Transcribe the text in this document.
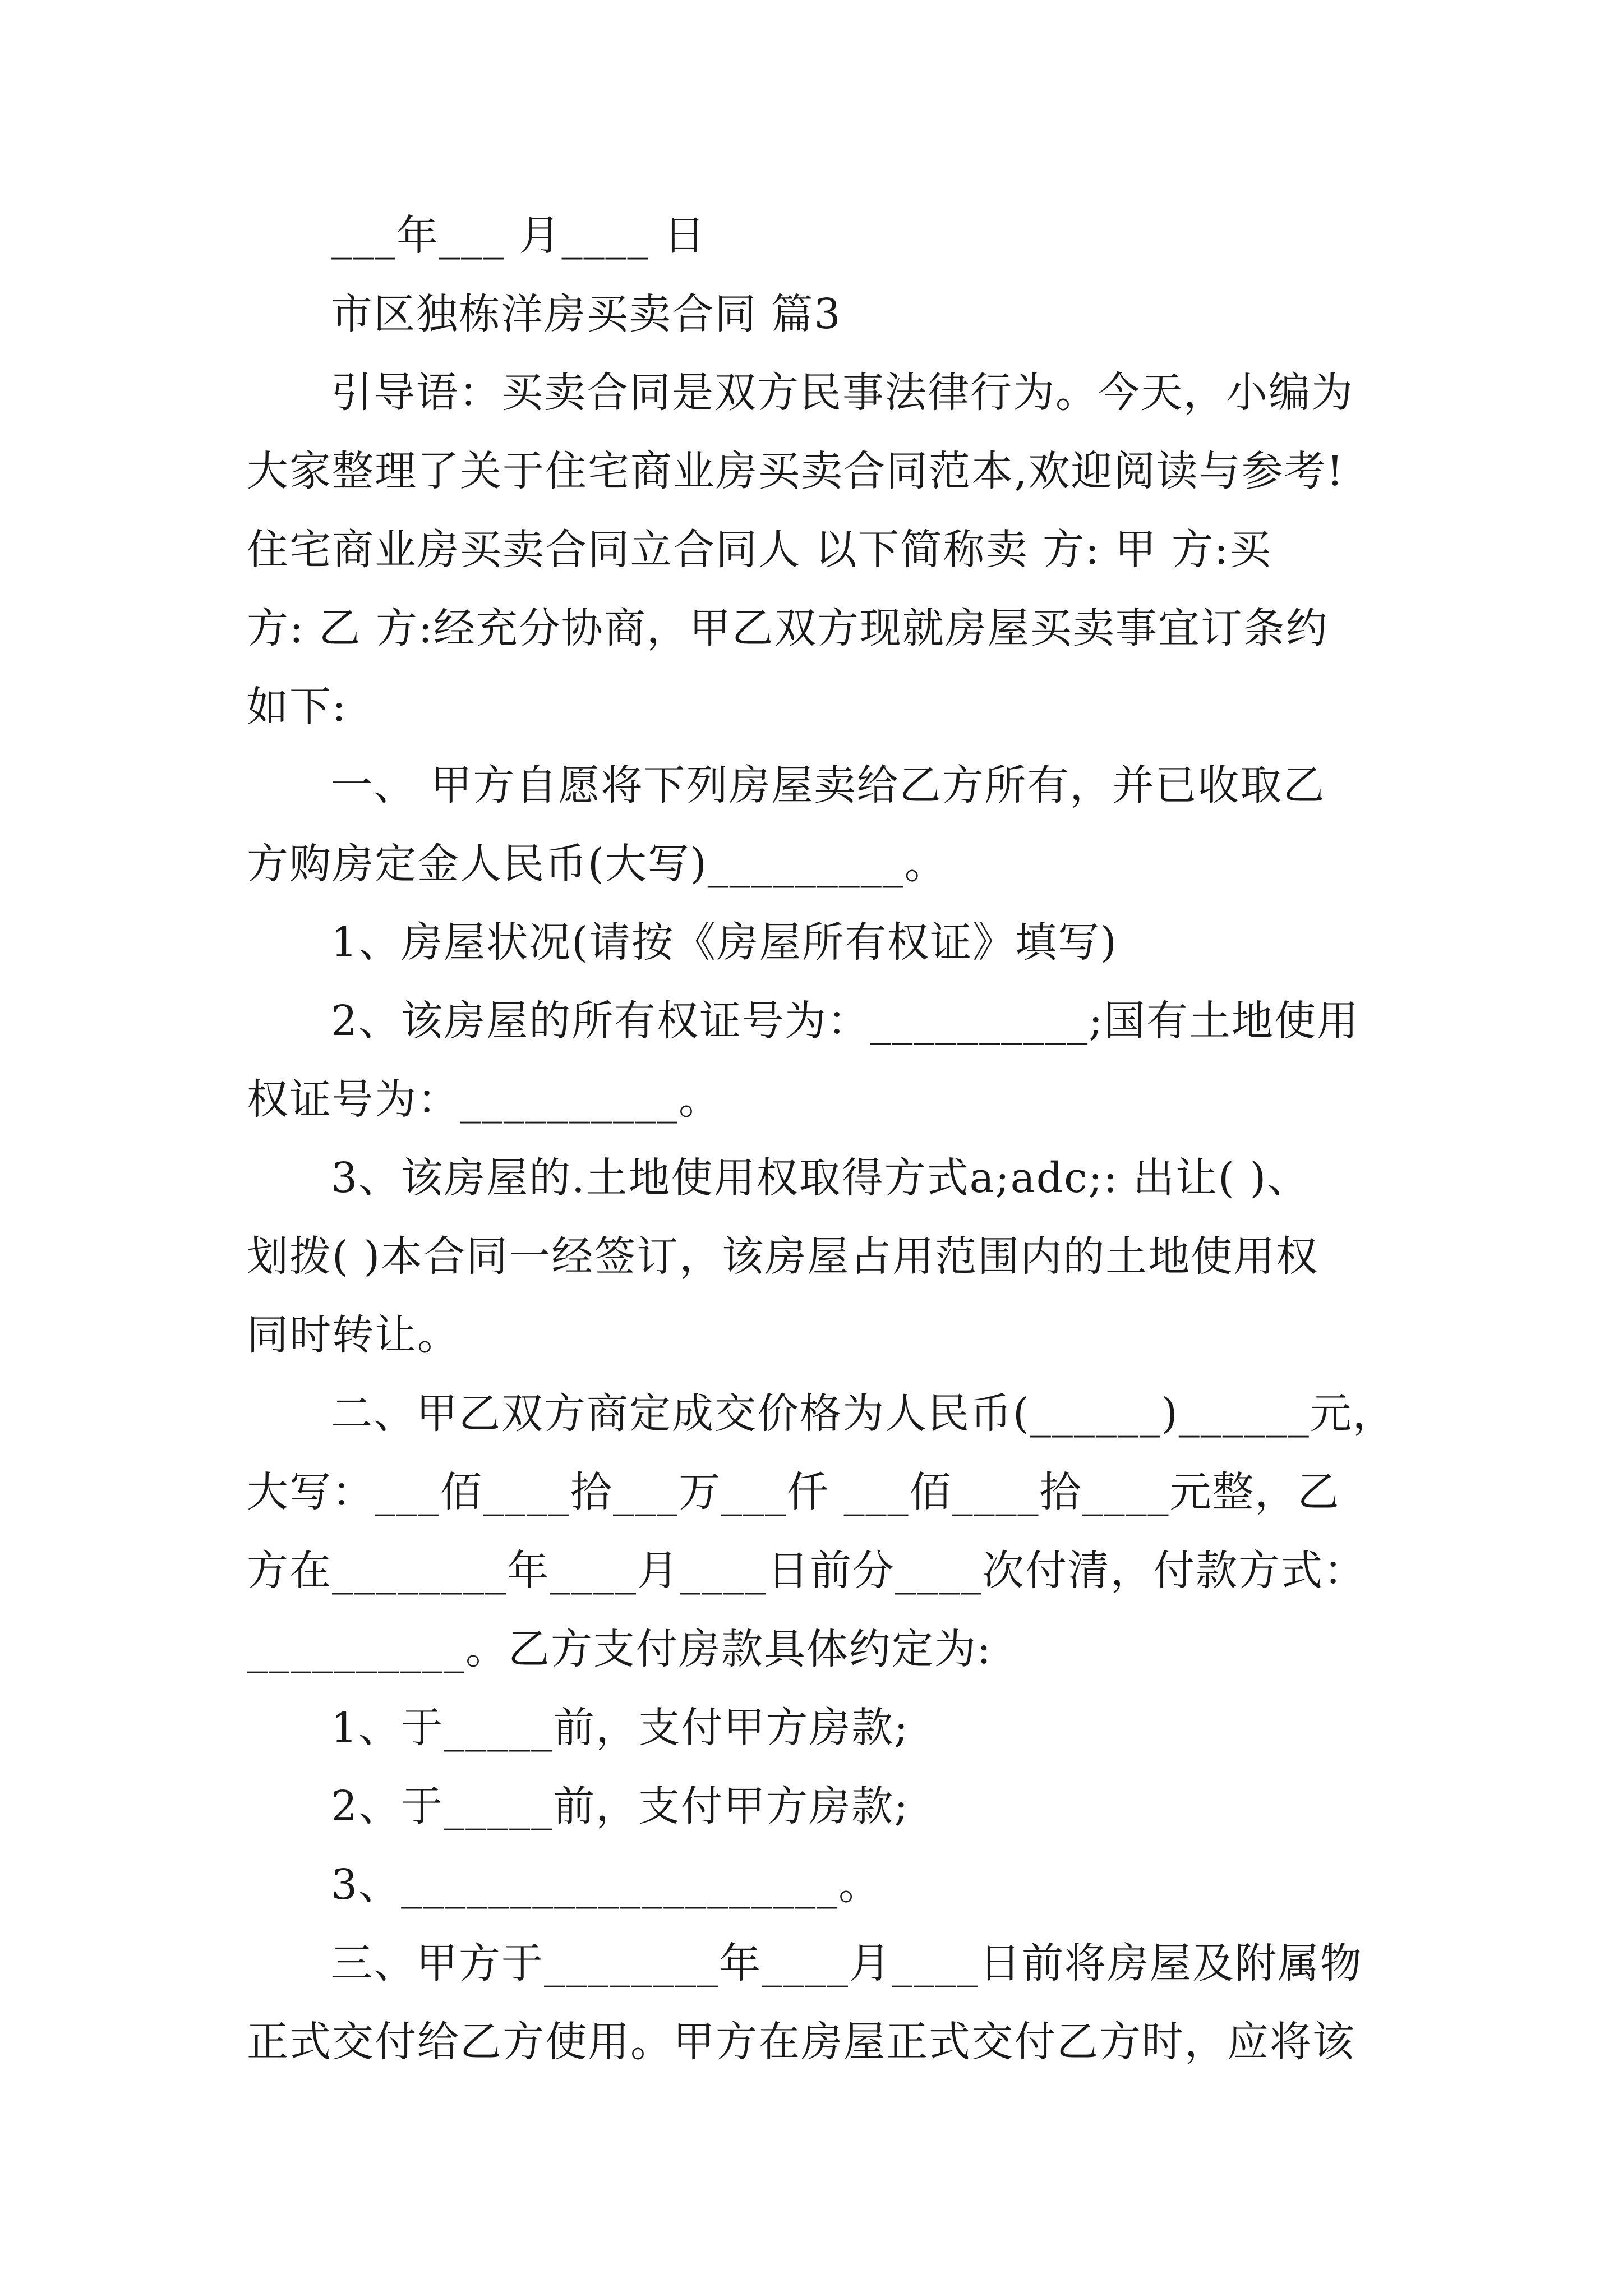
___年___ 月____ 日
市区独栋洋房买卖合同 篇3
引导语：买卖合同是双方民事法律行为。今天，小编为
大家整理了关于住宅商业房买卖合同范本,欢迎阅读与参考!
住宅商业房买卖合同立合同人 以下简称卖 方: 甲 方:买
方: 乙 方:经充分协商，甲乙双方现就房屋买卖事宜订条约
如下:
一、 甲方自愿将下列房屋卖给乙方所有，并已收取乙
方购房定金人民币(大写)_________。
1、房屋状况(请按《房屋所有权证》填写)
2、该房屋的所有权证号为：__________;国有土地使用
权证号为：__________。
3、该房屋的.土地使用权取得方式a;adc;: 出让( )、
划拨( )本合同一经签订，该房屋占用范围内的土地使用权
同时转让。
二、甲乙双方商定成交价格为人民币(______)______元，
大写：___佰____拾___万___仟 ___佰____拾____元整，乙
方在________年____月____日前分____次付清，付款方式：
__________。乙方支付房款具体约定为:
1、于_____前，支付甲方房款;
2、于_____前，支付甲方房款;
3、____________________。
三、甲方于________年____月____日前将房屋及附属物
正式交付给乙方使用。甲方在房屋正式交付乙方时，应将该
